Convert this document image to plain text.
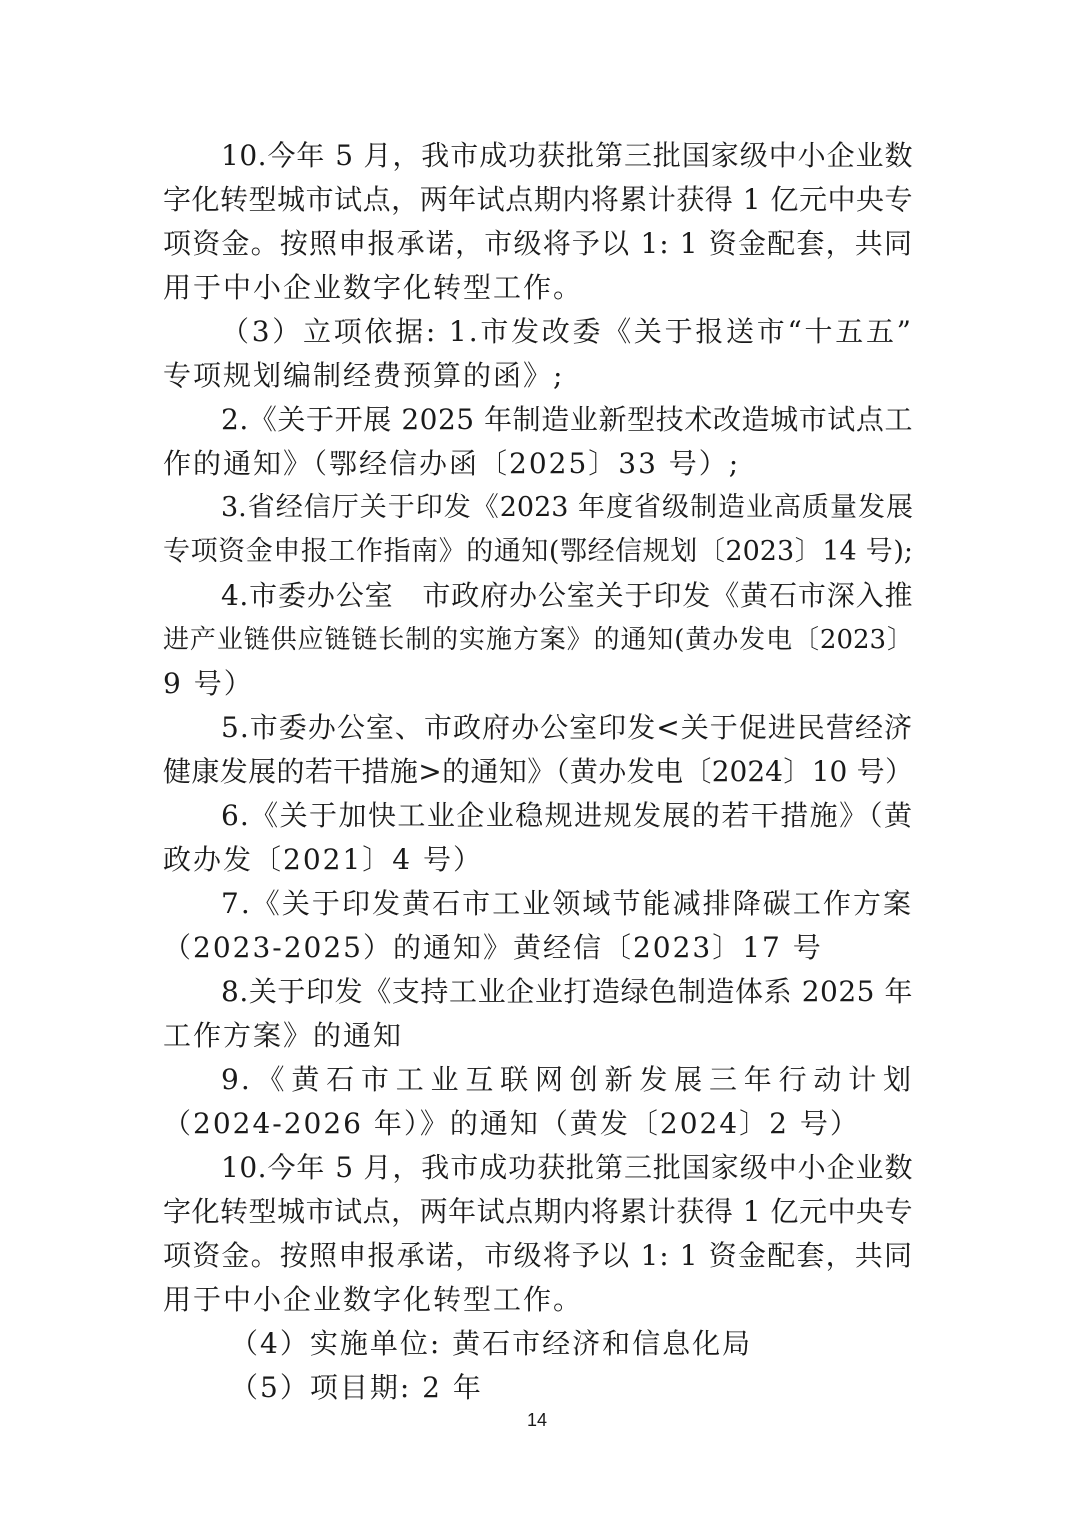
10.今年 5 月，我市成功获批第三批国家级中小企业数
字化转型城市试点，两年试点期内将累计获得 1 亿元中央专
项资金。按照申报承诺，市级将予以 1: 1 资金配套，共同
用于中小企业数字化转型工作。
（3）立项依据: 1.市发改委《关于报送市“十五五”
专项规划编制经费预算的函》;
2.《关于开展 2025 年制造业新型技术改造城市试点工
作的通知》（鄂经信办函〔2025〕33 号）;
3.省经信厅关于印发《2023 年度省级制造业高质量发展
专项资金申报工作指南》的通知(鄂经信规划〔2023〕14 号);
4.市委办公室　市政府办公室关于印发《黄石市深入推
进产业链供应链链长制的实施方案》的通知(黄办发电〔2023〕
9 号）
5.市委办公室、市政府办公室印发<关于促进民营经济
健康发展的若干措施>的通知》（黄办发电〔2024〕10 号）
6.《关于加快工业企业稳规进规发展的若干措施》（黄
政办发〔2021〕4 号）
7.《关于印发黄石市工业领域节能减排降碳工作方案
（2023-2025）的通知》黄经信〔2023〕17 号
8.关于印发《支持工业企业打造绿色制造体系 2025 年
工作方案》的通知
9.《黄石市工业互联网创新发展三年行动计划
（2024-2026 年）》的通知（黄发〔2024〕2 号）
10.今年 5 月，我市成功获批第三批国家级中小企业数
字化转型城市试点，两年试点期内将累计获得 1 亿元中央专
项资金。按照申报承诺，市级将予以 1: 1 资金配套，共同
用于中小企业数字化转型工作。
（4）实施单位: 黄石市经济和信息化局
（5）项目期: 2 年
14
